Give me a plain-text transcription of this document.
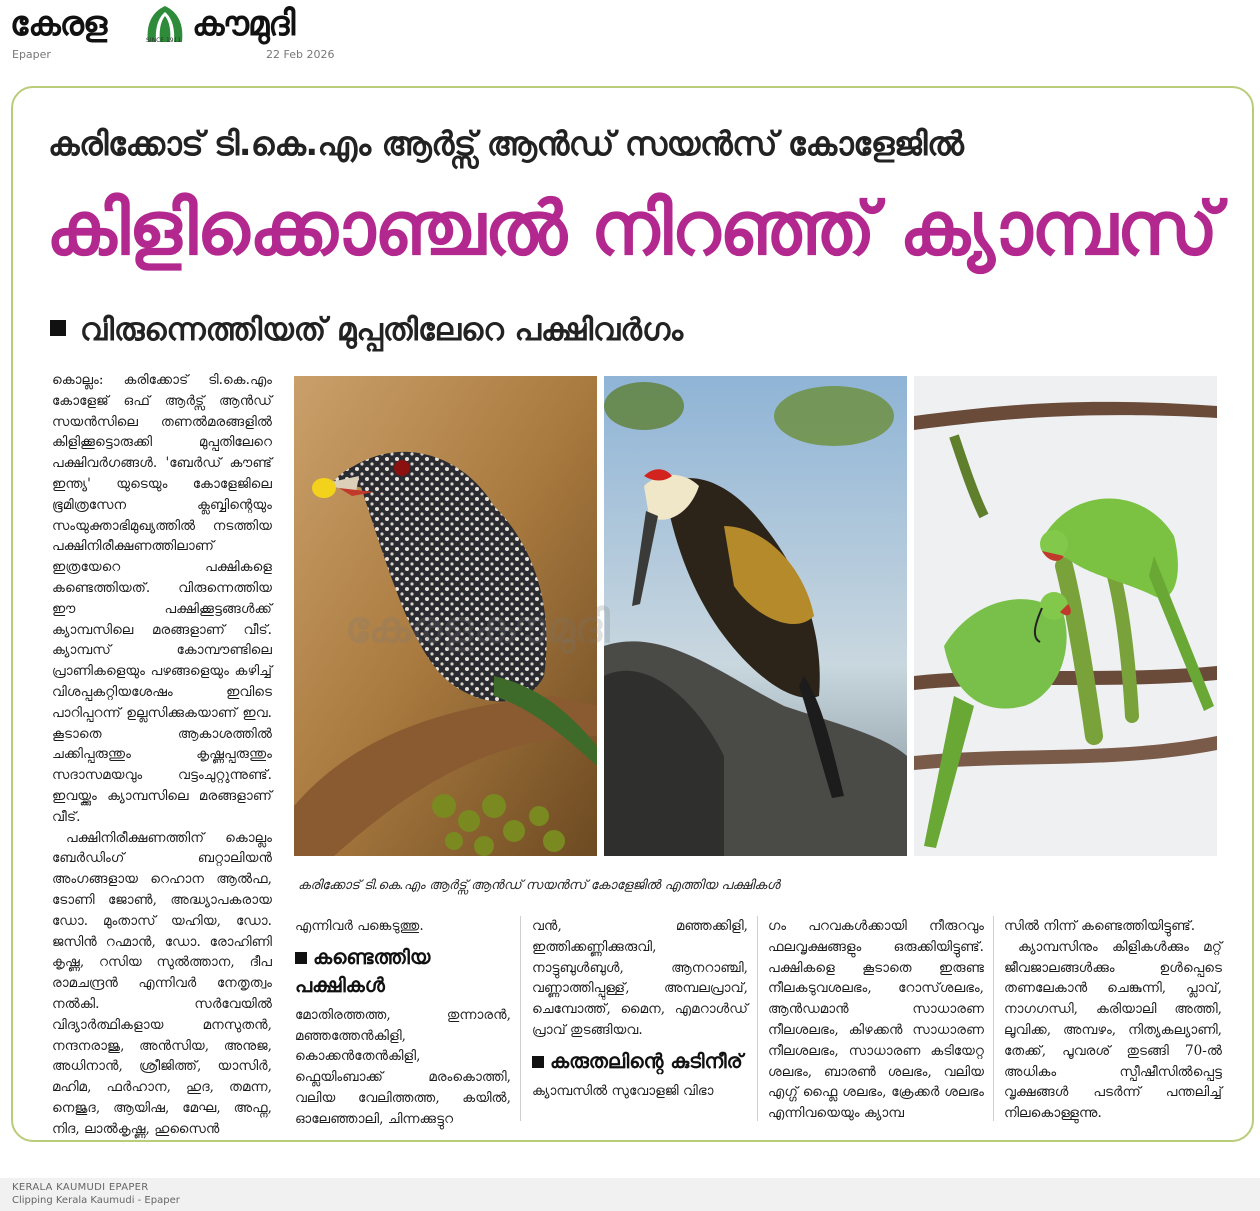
കേരള	SINCE 1911 കൗമുദി
Epaper	22 Feb 2026
കരിക്കോട് ടി.കെ.എം ആർട്സ് ആൻഡ് സയൻസ് കോളേജിൽ
കിളിക്കൊഞ്ചൽ നിറഞ്ഞ് ക്യാമ്പസ്
വിരുന്നെത്തിയത് മുപ്പതിലേറെ പക്ഷിവർഗം

കൊല്ലം: കരിക്കോട് ടി.കെ.എം കോളേജ് ഒഫ് ആർട്സ് ആൻഡ് സയൻസിലെ തണൽമരങ്ങളിൽ കിളിക്കൂട്ടൊരുക്കി മുപ്പതിലേറെ പക്ഷിവർഗങ്ങൾ. 'ബേർഡ് കൗണ്ട് ഇന്ത്യ' യുടെയും കോളേജിലെ ഭൂമിത്രസേന ക്ലബ്ബിന്റെയും സംയുക്താഭിമുഖ്യത്തിൽ നടത്തിയ പക്ഷിനിരീക്ഷണത്തിലാണ് ഇത്രയേറെ പക്ഷികളെ കണ്ടെത്തിയത്. വിരുന്നെത്തിയ ഈ പക്ഷിക്കൂട്ടങ്ങൾക്ക് ക്യാമ്പസിലെ മരങ്ങളാണ് വീട്. ക്യാമ്പസ് കോമ്പൗണ്ടിലെ പ്രാണികളെയും പഴങ്ങളെയും കഴിച്ച് വിശപ്പകറ്റിയശേഷം ഇവിടെ പാറിപ്പറന്ന് ഉല്ലസിക്കുകയാണ് ഇവ. കൂടാതെ ആകാശത്തിൽ ചക്കിപ്പരുന്തും കൃഷ്ണപ്പരുന്തും സദാസമയവും വട്ടംചുറ്റുന്നുണ്ട്. ഇവയ്ക്കും ക്യാമ്പസിലെ മരങ്ങളാണ് വീട്.

പക്ഷിനിരീക്ഷണത്തിന് കൊല്ലം ബേർഡിംഗ് ബറ്റാലിയൻ അംഗങ്ങളായ റെഹാന ആൽഫ, ടോണി ജോൺ, അദ്ധ്യാപകരായ ഡോ. മുംതാസ് യഹിയ, ഡോ. ജസിൻ റഹ്മാൻ, ഡോ. രോഹിണി കൃഷ്ണ, റസിയ സുൽത്താന, ദീപ രാമചന്ദ്രൻ എന്നിവർ നേതൃത്വം നൽകി. സർവേയിൽ വിദ്യാർത്ഥികളായ മനസുതൻ, നന്ദനരാജു, അൻസിയ, അനുജ, അധിനാൻ, ശ്രീജിത്ത്, യാസിർ, മഹിമ, ഫർഹാന, ഹുദ, തമന്ന, നെജുദ, ആയിഷ, മേഘ, അഫ്ന, നിദ, ലാൽകൃഷ്ണ, ഹുസൈൻ

കേരളകൗമുദി
കരിക്കോട് ടി.കെ.എം ആർട്സ് ആൻഡ് സയൻസ് കോളേജിൽ എത്തിയ പക്ഷികൾ

എന്നിവർ പങ്കെടുത്തു.

കണ്ടെത്തിയ പക്ഷികൾ

മോതിരത്തത്ത, തുന്നാരൻ, മഞ്ഞത്തേൻകിളി, കൊക്കൻതേൻകിളി, ഫ്ലെയിംബാക്ക് മരംകൊത്തി, വലിയ വേലിത്തത്ത, കയിൽ, ഓലേഞ്ഞാലി, ചിന്നക്കുട്ടുറ

വൻ, മഞ്ഞക്കിളി, ഇത്തിക്കണ്ണിക്കുരുവി, നാട്ടുബുൾബുൾ, ആനറാഞ്ചി, വണ്ണാത്തിപ്പുള്ള്, അമ്പലപ്രാവ്, ചെമ്പോത്ത്, മൈന, എമറാൾഡ് പ്രാവ് തുടങ്ങിയവ.

കരുതലിന്റെ കുടിനീര്

ക്യാമ്പസിൽ സുവോളജി വിഭാ

ഗം പറവകൾക്കായി നീരുറവും ഫലവൃക്ഷങ്ങളും ഒരുക്കിയിട്ടുണ്ട്. പക്ഷികളെ കൂടാതെ ഇരുണ്ട നീലകടുവശലഭം, റോസ്‌ശലഭം, ആൻഡമാൻ സാധാരണ നീലശലഭം, കിഴക്കൻ സാധാരണ നീലശലഭം, സാധാരണ കടിയേറ്റ ശലഭം, ബാരൺ ശലഭം, വലിയ എഗ്ഗ് ഫ്ലൈ ശലഭം, ക്രേക്കർ ശലഭം എന്നിവയെയും ക്യാമ്പ

സിൽ നിന്ന് കണ്ടെത്തിയിട്ടുണ്ട്.

ക്യാമ്പസിനും കിളികൾക്കും മറ്റ് ജീവജാലങ്ങൾക്കും ഉൾപ്പെടെ തണലേകാൻ ചെങ്കുന്നി, പ്ലാവ്, നാഗഗന്ധി, കരിയാലി അത്തി, ലൂവിക്ക, അമ്പഴം, നിത്യകല്യാണി, തേക്ക്, പൂവരശ് തുടങ്ങി 70-ൽ അധികം സ്പീഷീസിൽപ്പെട്ട വൃക്ഷങ്ങൾ പടർന്ന് പന്തലിച്ച് നിലകൊള്ളുന്നു.

KERALA KAUMUDI EPAPER
Clipping Kerala Kaumudi - Epaper
